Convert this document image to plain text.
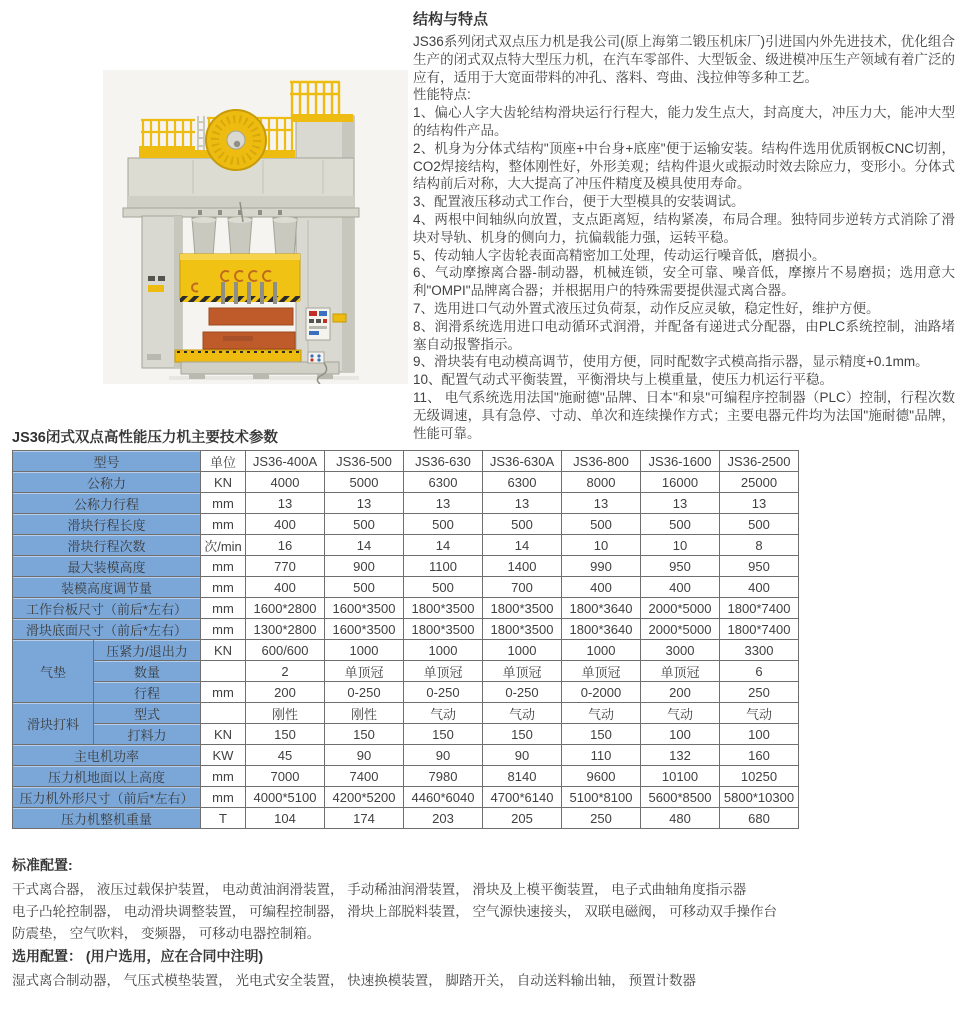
结构与特点

JS36系列闭式双点压力机是我公司(原上海第二锻压机床厂)引进国内外先进技术，优化组合生产的闭式双点特大型压力机，在汽车零部件、大型钣金、级进模冲压生产领域有着广泛的应有，适用于大宽面带料的冲孔、落料、弯曲、浅拉伸等多种工艺。

性能特点:

1、偏心人字大齿轮结构滑块运行行程大，能力发生点大，封高度大，冲压力大，能冲大型的结构件产品。

2、机身为分体式结构"顶座+中台身+底座"便于运输安装。结构件选用优质钢板CNC切割，CO2焊接结构，整体刚性好，外形美观；结构件退火或振动时效去除应力，变形小。分体式结构前后对称，大大提高了冲压件精度及模具使用寿命。

3、配置液压移动式工作台，便于大型模具的安装调试。

4、两根中间轴纵向放置，支点距离短，结构紧凑，布局合理。独特同步逆转方式消除了滑块对导轨、机身的侧向力，抗偏载能力强，运转平稳。

5、传动轴人字齿轮表面高精密加工处理，传动运行噪音低，磨损小。

6、气动摩擦离合器-制动器，机械连锁，安全可靠、噪音低，摩擦片不易磨损；选用意大利"OMPI"品牌离合器；并根据用户的特殊需要提供湿式离合器。

7、选用进口气动外置式液压过负荷泵，动作反应灵敏，稳定性好，维护方便。

8、润滑系统选用进口电动循环式润滑，并配备有递进式分配器，由PLC系统控制，油路堵塞自动报警指示。

9、滑块装有电动模高调节，使用方便，同时配数字式模高指示器，显示精度+0.1mm。

10、配置气动式平衡装置，平衡滑块与上模重量，使压力机运行平稳。

11、 电气系统选用法国"施耐德"品牌、日本"和泉"可编程序控制器（PLC）控制，行程次数无级调速，具有急停、寸动、单次和连续操作方式；主要电器元件均为法国"施耐德"品牌，性能可靠。

JS36闭式双点高性能压力机主要技术参数
型号		单位	JS36-400A	JS36-500	JS36-630	JS36-630A	JS36-800	JS36-1600	JS36-2500
公称力		KN	4000	5000	6300	6300	8000	16000	25000
公称力行程		mm	13	13	13	13	13	13	13
滑块行程长度		mm	400	500	500	500	500	500	500
滑块行程次数		次/min	16	14	14	14	10	10	8
最大装模高度		mm	770	900	1100	1400	990	950	950
装模高度调节量		mm	400	500	500	700	400	400	400
工作台板尺寸（前后*左右）		mm	1600*2800	1600*3500	1800*3500	1800*3500	1800*3640	2000*5000	1800*7400
滑块底面尺寸（前后*左右）		mm	1300*2800	1600*3500	1800*3500	1800*3500	1800*3640	2000*5000	1800*7400
气垫	压紧力/退出力	KN	600/600	1000	1000	1000	1000	3000	3300
	数量		2	单顶冠	单顶冠	单顶冠	单顶冠	单顶冠	6
	行程	mm	200	0-250	0-250	0-250	0-2000	200	250
滑块打料	型式		刚性	刚性	气动	气动	气动	气动	气动
	打料力	KN	150	150	150	150	150	100	100
主电机功率		KW	45	90	90	90	110	132	160
压力机地面以上高度		mm	7000	7400	7980	8140	9600	10100	10250
压力机外形尺寸（前后*左右）		mm	4000*5100	4200*5200	4460*6040	4700*6140	5100*8100	5600*8500	5800*10300
压力机整机重量		T	104	174	203	205	250	480	680
标准配置:

干式离合器， 液压过载保护装置， 电动黄油润滑装置， 手动稀油润滑装置， 滑块及上模平衡装置， 电子式曲轴角度指示器

电子凸轮控制器， 电动滑块调整装置， 可编程控制器， 滑块上部脱料装置， 空气源快速接头， 双联电磁阀， 可移动双手操作台

防震垫， 空气吹料， 变频器， 可移动电器控制箱。

选用配置： (用户选用，应在合同中注明)

湿式离合制动器， 气压式模垫装置， 光电式安全装置， 快速换模装置， 脚踏开关， 自动送料输出轴， 预置计数器
